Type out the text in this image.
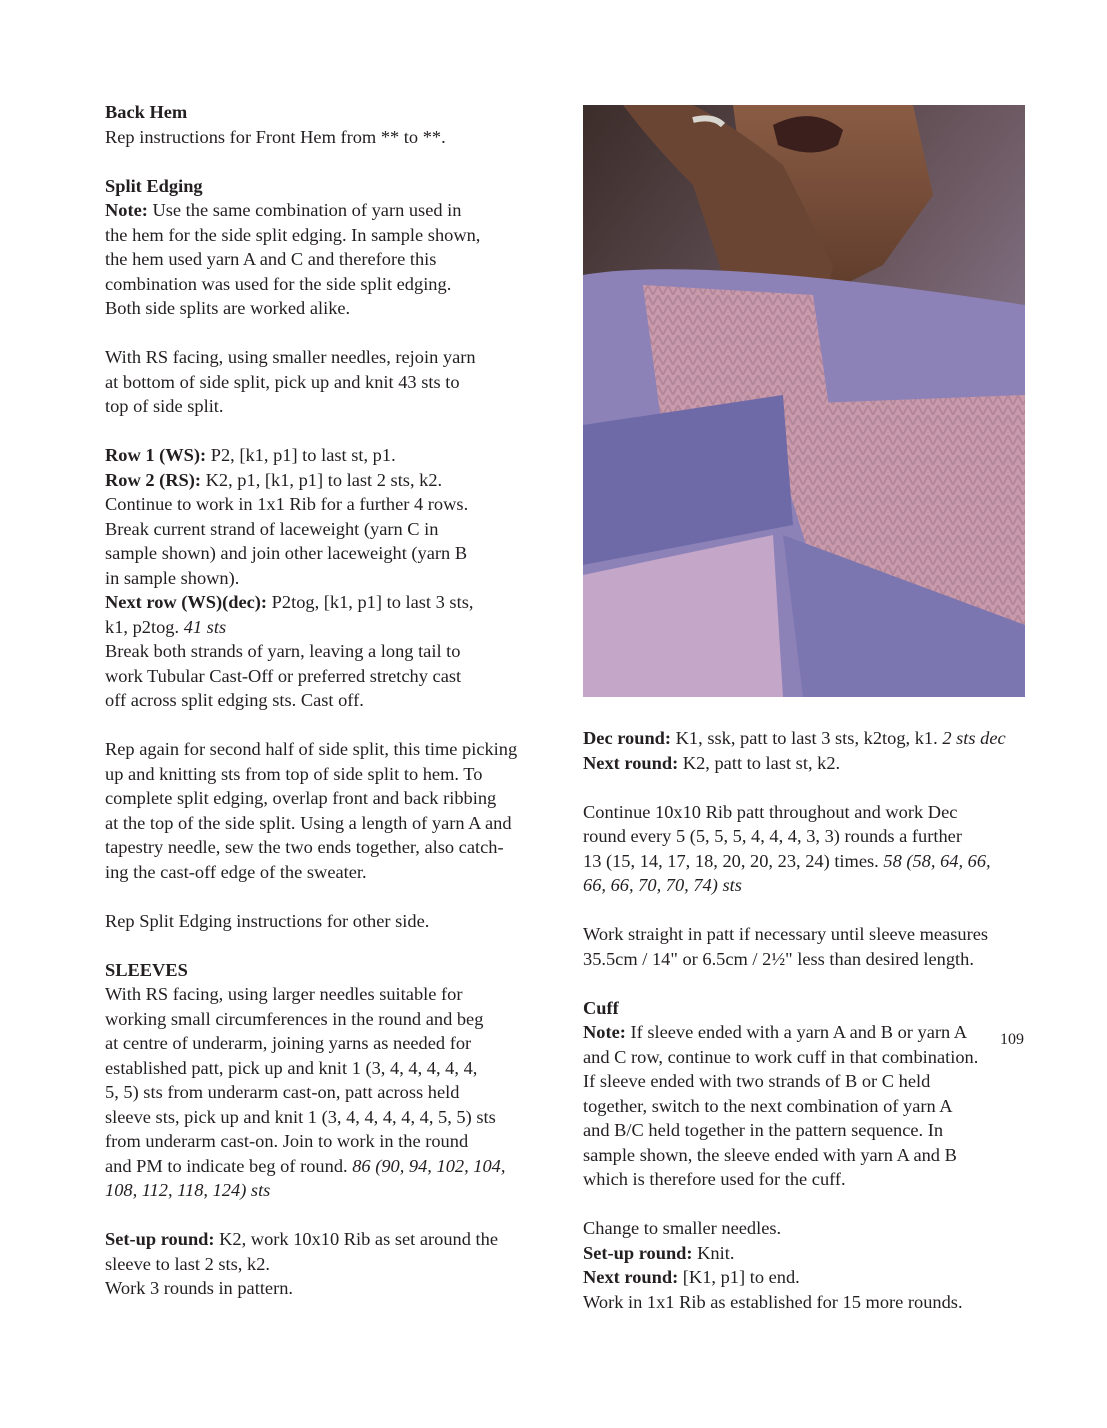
Back Hem
Rep instructions for Front Hem from ** to **.
Split Edging
Note: Use the same combination of yarn used in
the hem for the side split edging. In sample shown,
the hem used yarn A and C and therefore this
combination was used for the side split edging.
Both side splits are worked alike.
With RS facing, using smaller needles, rejoin yarn
at bottom of side split, pick up and knit 43 sts to
top of side split.
Row 1 (WS): P2, [k1, p1] to last st, p1.
Row 2 (RS): K2, p1, [k1, p1] to last 2 sts, k2.
Continue to work in 1x1 Rib for a further 4 rows.
Break current strand of laceweight (yarn C in
sample shown) and join other laceweight (yarn B
in sample shown).
Next row (WS)(dec): P2tog, [k1, p1] to last 3 sts,
k1, p2tog. 41 sts
Break both strands of yarn, leaving a long tail to
work Tubular Cast-Off or preferred stretchy cast
off across split edging sts. Cast off.
Rep again for second half of side split, this time picking
up and knitting sts from top of side split to hem. To
complete split edging, overlap front and back ribbing
at the top of the side split. Using a length of yarn A and
tapestry needle, sew the two ends together, also catch-
ing the cast-off edge of the sweater.
Rep Split Edging instructions for other side.
SLEEVES
With RS facing, using larger needles suitable for
working small circumferences in the round and beg
at centre of underarm, joining yarns as needed for
established patt, pick up and knit 1 (3, 4, 4, 4, 4, 4,
5, 5) sts from underarm cast-on, patt across held
sleeve sts, pick up and knit 1 (3, 4, 4, 4, 4, 4, 5, 5) sts
from underarm cast-on. Join to work in the round
and PM to indicate beg of round. 86 (90, 94, 102, 104,
108, 112, 118, 124) sts
Set-up round: K2, work 10x10 Rib as set around the
sleeve to last 2 sts, k2.
Work 3 rounds in pattern.
Dec round: K1, ssk, patt to last 3 sts, k2tog, k1. 2 sts dec
Next round: K2, patt to last st, k2.
Continue 10x10 Rib patt throughout and work Dec
round every 5 (5, 5, 5, 4, 4, 4, 3, 3) rounds a further
13 (15, 14, 17, 18, 20, 20, 23, 24) times. 58 (58, 64, 66,
66, 66, 70, 70, 74) sts
Work straight in patt if necessary until sleeve measures
35.5cm / 14" or 6.5cm / 2½" less than desired length.
Cuff
Note: If sleeve ended with a yarn A and B or yarn A
and C row, continue to work cuff in that combination.
If sleeve ended with two strands of B or C held
together, switch to the next combination of yarn A
and B/C held together in the pattern sequence. In
sample shown, the sleeve ended with yarn A and B
which is therefore used for the cuff.
Change to smaller needles.
Set-up round: Knit.
Next round: [K1, p1] to end.
Work in 1x1 Rib as established for 15 more rounds.
109
